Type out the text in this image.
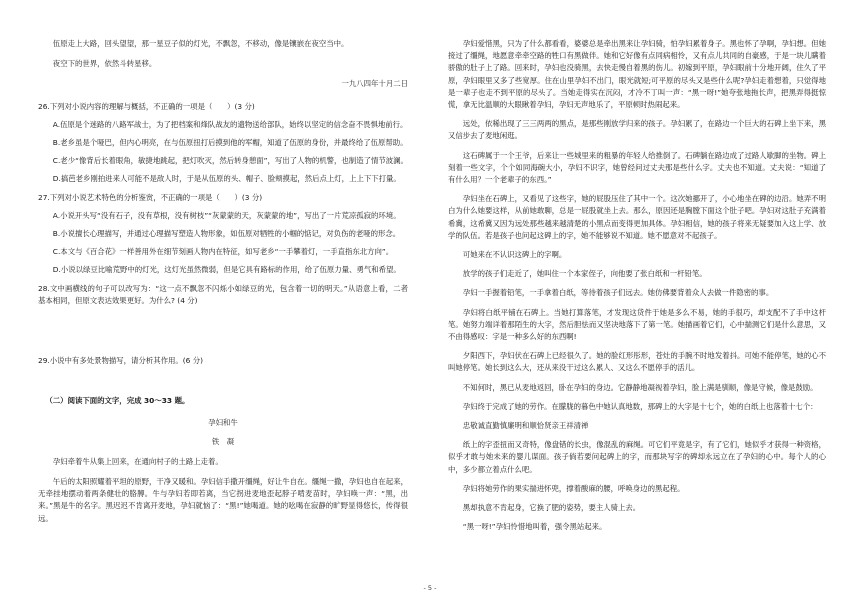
伍原走上大路，回头望望，那一星豆子似的灯光，不飘忽，不移动，像是镶嵌在夜空当中。

夜空下的世界，依然斗转星移。

一九八四年十月二日

26.下列对小说内容的理解与概括，不正确的一项是（　　）(3 分)

A.伍原是个迷路的八路军战士，为了把档案和烽队战友的遗物送给部队，始终以坚定的信念奋不畏惧地前行。

B.老乡虽是个哑巴，但内心明亮，在与伍原扭打后摸到他的军帽，知道了伍原的身份，并最终给了伍原帮助。

C.老少“像背后长着眼角，敏捷地跳起，把灯吹灭，然后转身憩面”，写出了人物的机警，也制造了情节波澜。

D.搞芭老乡刚拍进来人可能不是敌人时，于是从伍原的头、帽子、脸颊摸起，然后点上灯，上上下下打量。

27.下列对小说艺术特色的分析鉴赏，不正确的一项是（　　）(3 分)

A.小说开头写“没有石子，没有草根，没有树枝”“灰蒙蒙的天，灰蒙蒙的地”，写出了一片荒凉孤寂的环境。

B.小说擅长心理描写，并通过心理描写塑造人物形象，如伍原对牺牲的小帼的惦记，对负伤的老哑的形念。

C.本文与《百合花》一样善用外在细节刻画人物内在特征，如写老乡“一手攀着灯，一手直指东北方向”。

D.小说以绿豆比喻荒野中的灯光，这灯光虽然微弱，但是它具有路标的作用，给了伍原力量、勇气和希望。

28.文中画横线的句子可以改写为：“这一点不飘忽不闪烁小如绿豆的光，包含着一切的明天。”从语意上看，二者基本相同，但原文表达效果更好。为什么? (4 分)

29.小说中有多处景物描写，请分析其作用。(6 分)

（二）阅读下面的文字，完成 30～33 题。

孕妇和牛

铁　凝

孕妇牵着牛从集上回来，在通向村子的土路上走着。

午后的太阳照耀着平坦的原野，干净又暖和。孕妇信手撒开缰绳，好让牛自在。缰绳一撒，孕妇也自在起来，无牵挂地摆动着两条健壮的胳膊。牛与孕妇若即若离，当它拐进麦地歪起脖子啃麦苗时，孕妇唤一声：“黑，出来。”黑是牛的名字。黑迟迟不肯离开麦地，孕妇就恼了：“黑!”她喝道。她的吆喝在寂静的旷野显得悠长，传得很远。

孕妇爱惜黑，只为了什么都看看，婆婆总是牵出黑来让孕妇骑，怕孕妇累着身子。黑也怀了孕啊，孕妇想。但她接过了缰绳，地愿意牵牵空路的牲口有黑做伴。她和它好像有点同病相怜，又有点儿共同的自豪感，于是一块儿瞒着骄傲的肚子上了路。回来时，孕妇也没骑黑，去快走慢自着黑的伤儿。初嫁到平原，孕妇眼前十分地开阔，住久了平原，孕妇眼里又多了些宽厚。住在山里孕妇不出门，眼光就短;可平原的尽头又是些什么呢?孕妇走着想着，只觉得地是一辈子也走不到平原的尽头了。当她走得实在沉闷，才冷不丁叫一声：“黑一呀!”她夸张地拖长声，把黑弄得挺惊慌，拿无比温顺的大眼瞅着孕妇，孕妇无声地乐了，平原顿时热闹起来。

远处，依稀出现了三三两两的黑点，是那些刚放学归来的孩子。孕妇累了，在路边一个巨大的石碑上坐下来，黑又信步去了麦地闲逛。

这石碑属于一个王爷，后来让一些城里来的粗暴的年轻人给推倒了。石碑躺在路边成了过路人歇脚的坐物。碑上刻着一些文字，个个如同海碗大小，孕妇不识字，她曾经问过丈夫那是些什么字。丈夫也不知道。丈夫说：“知道了有什么用？一个老辈子的东西。”

孕妇坐在石碑上，又看见了这些字，她的屁股压住了其中一个。这次她挪开了，小心地坐在碑的边沿。她弄不明白为什么她要这样，从前她敢聊，总是一屁股就坐上去。那么，原因还是胸膛下面这个肚子吧。孕妇对这肚子充满着希冀，这希冀又因为远处那些越来越清楚的小黑点而变得更加具体。孕妇相信，她的孩子将来无疑要加入这上学、放学的队伍。若是孩子也问起这碑上的字，她不能够说不知道。她不愿意对不起孩子。

可她来在不认识这碑上的字啊。

放学的孩子们走近了，她叫住一个本家侄子，向他要了张白纸和一杆铅笔。

孕妇一手握着铅笔，一手拿着白纸，等待着孩子们远去。她仿佛要背着众人去做一件隐密的事。

孕妇将白纸平铺在石碑上。当她打算落笔，才发现这货件于她是多么不易，她的手很巧，却支配不了手中这杆笔。她努力端详着那陌生的大字，然后胆怯而又坚决地落下了第一笔。她描画着它们，心中揣测它们是什么意思，又不由得感叹：字是一种多么好的东西啊!

夕阳西下，孕妇伏在石碑上已经很久了。她的脸红形彤形，苍灶的手腕不时地发着抖。可她不能停笔，她的心不叫她停笔。她长到这么大，还从来没干过这么累人、又这么不愿停手的活儿。

不知何时，黑已从麦地返回，卧在孕妇的身边。它静静地凝视着孕妇，脸上满是驯顺，像是守候，像是鼓励。

孕妇终于完成了她的劳作。在朦胧的暮色中她认真地数，那碑上的大字是十七个，她的白纸上也落着十七个：

忠敬诚直勤慎廉明和顺恰贤亲王祥清禅

纸上的字歪扭而又奇特，像盘错的长虫，像混乱的麻绳。可它们平竟是字，有了它们，她似乎才获得一种资格，似乎才敢与她未来的婴儿谋面。孩子倘若要问起碑上的字，而那块写字的碑却永远立在了孕妇的心中。每个人的心中，多少都立着点什么吧。

孕妇将她劳作的果实揣进怀兜，撑着酸麻的腰，呼唤身边的黑起程。

黑却执意不肯起身，它换了肥的姿势，要主人骑上去。

“黑一呀!”孕妇怜惜地叫着，强令黑站起来。

- 5 -
